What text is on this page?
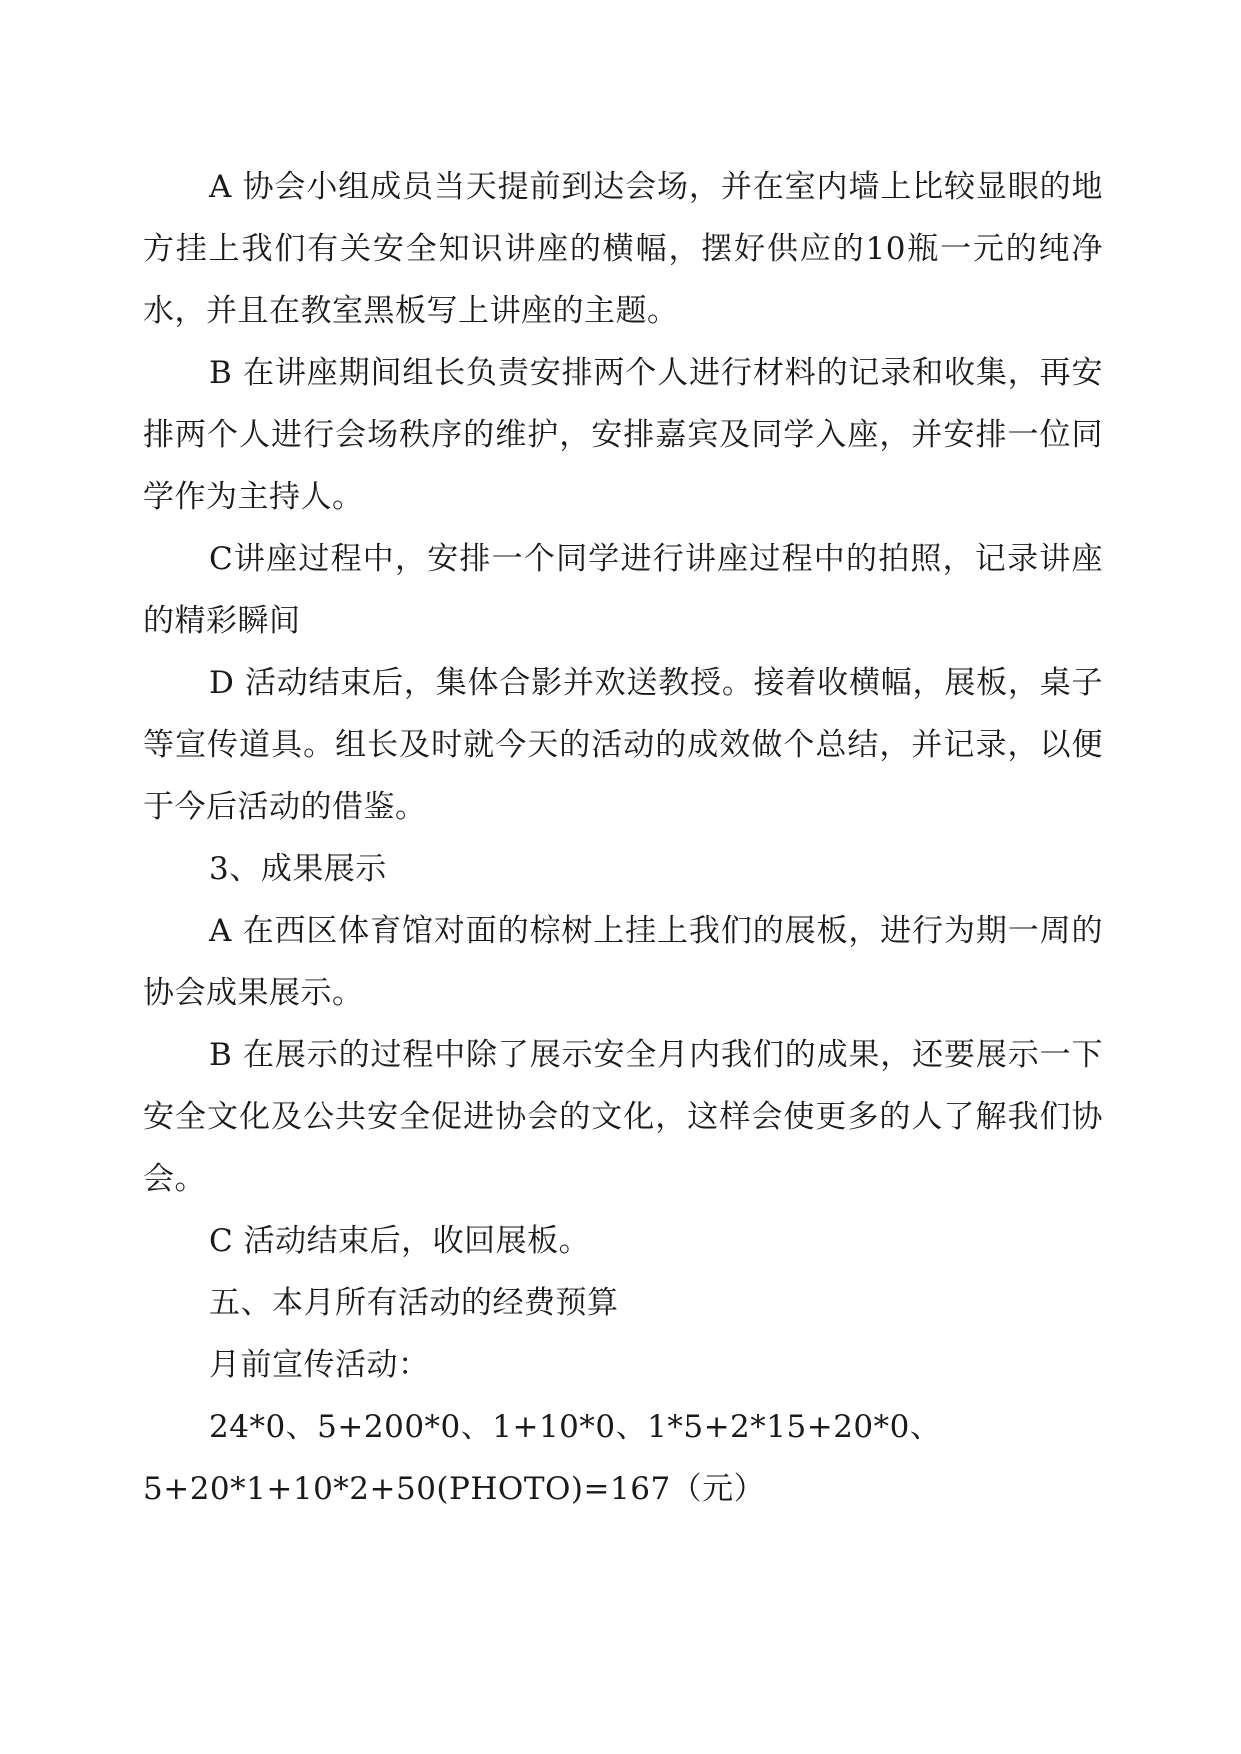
A 协会小组成员当天提前到达会场，并在室内墙上比较显眼的地方挂上我们有关安全知识讲座的横幅，摆好供应的10瓶一元的纯净水，并且在教室黑板写上讲座的主题。

B 在讲座期间组长负责安排两个人进行材料的记录和收集，再安排两个人进行会场秩序的维护，安排嘉宾及同学入座，并安排一位同学作为主持人。

C讲座过程中，安排一个同学进行讲座过程中的拍照，记录讲座的精彩瞬间

D 活动结束后，集体合影并欢送教授。接着收横幅，展板，桌子等宣传道具。组长及时就今天的活动的成效做个总结，并记录，以便于今后活动的借鉴。

3、成果展示

A 在西区体育馆对面的棕树上挂上我们的展板，进行为期一周的协会成果展示。

B 在展示的过程中除了展示安全月内我们的成果，还要展示一下安全文化及公共安全促进协会的文化，这样会使更多的人了解我们协会。

C 活动结束后，收回展板。

五、本月所有活动的经费预算

月前宣传活动：

24*0、5+200*0、1+10*0、1*5+2*15+20*0、

5+20*1+10*2+50(PHOTO)=167（元）
